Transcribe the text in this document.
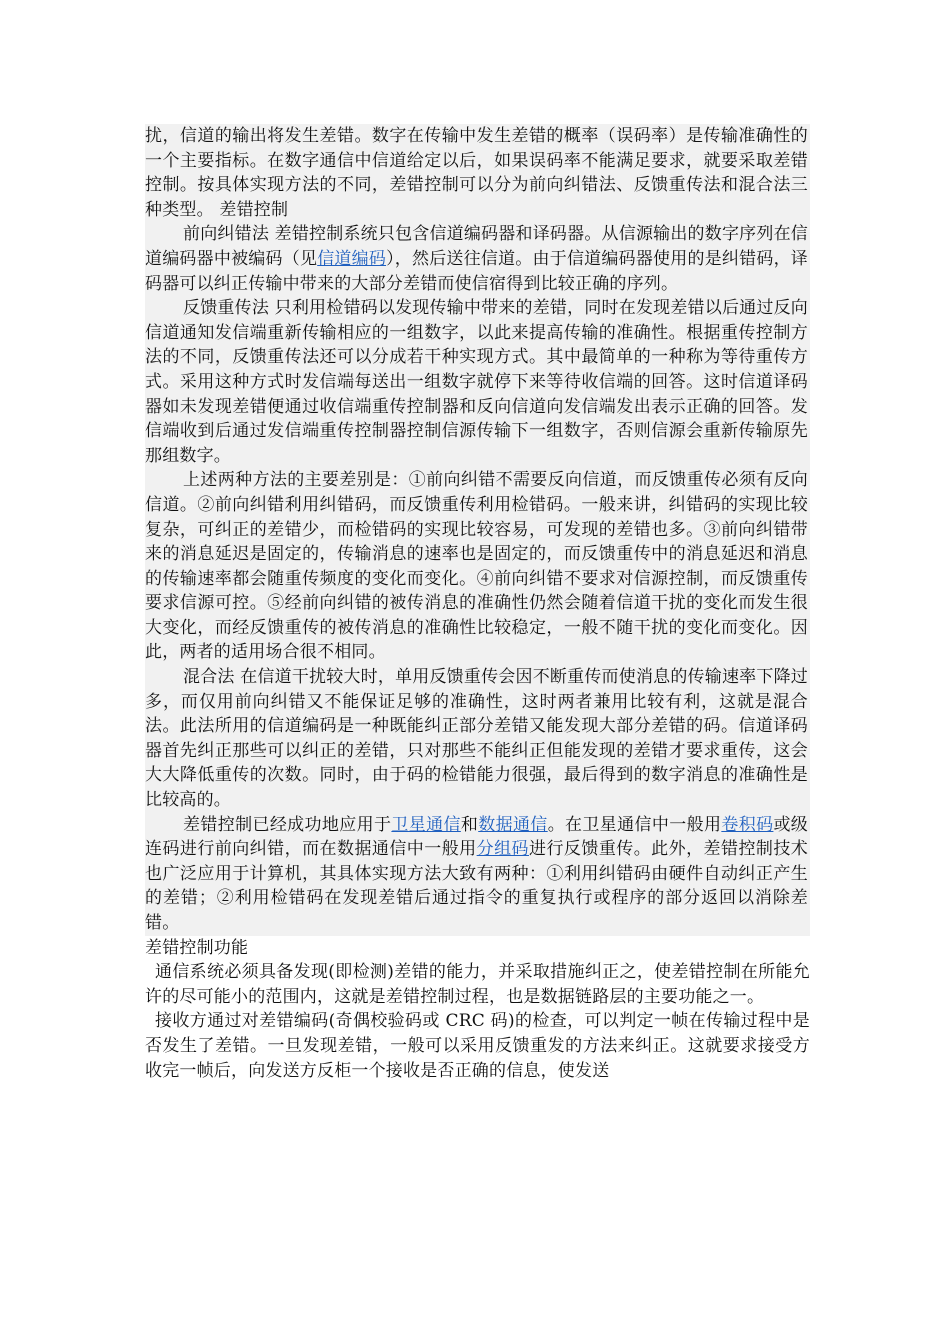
扰，信道的输出将发生差错。数字在传输中发生差错的概率（误码率）是传输准确性的一个主要指标。在数字通信中信道给定以后，如果误码率不能满足要求，就要采取差错控制。按具体实现方法的不同，差错控制可以分为前向纠错法、反馈重传法和混合法三种类型。 差错控制

前向纠错法 差错控制系统只包含信道编码器和译码器。从信源输出的数字序列在信道编码器中被编码（见信道编码），然后送往信道。由于信道编码器使用的是纠错码，译码器可以纠正传输中带来的大部分差错而使信宿得到比较正确的序列。

反馈重传法 只利用检错码以发现传输中带来的差错，同时在发现差错以后通过反向信道通知发信端重新传输相应的一组数字，以此来提高传输的准确性。根据重传控制方法的不同，反馈重传法还可以分成若干种实现方式。其中最简单的一种称为等待重传方式。采用这种方式时发信端每送出一组数字就停下来等待收信端的回答。这时信道译码器如未发现差错便通过收信端重传控制器和反向信道向发信端发出表示正确的回答。发信端收到后通过发信端重传控制器控制信源传输下一组数字，否则信源会重新传输原先那组数字。

上述两种方法的主要差别是：①前向纠错不需要反向信道，而反馈重传必须有反向信道。②前向纠错利用纠错码，而反馈重传利用检错码。一般来讲，纠错码的实现比较复杂，可纠正的差错少，而检错码的实现比较容易，可发现的差错也多。③前向纠错带来的消息延迟是固定的，传输消息的速率也是固定的，而反馈重传中的消息延迟和消息的传输速率都会随重传频度的变化而变化。④前向纠错不要求对信源控制，而反馈重传要求信源可控。⑤经前向纠错的被传消息的准确性仍然会随着信道干扰的变化而发生很大变化，而经反馈重传的被传消息的准确性比较稳定，一般不随干扰的变化而变化。因此，两者的适用场合很不相同。

混合法 在信道干扰较大时，单用反馈重传会因不断重传而使消息的传输速率下降过多，而仅用前向纠错又不能保证足够的准确性，这时两者兼用比较有利，这就是混合法。此法所用的信道编码是一种既能纠正部分差错又能发现大部分差错的码。信道译码器首先纠正那些可以纠正的差错，只对那些不能纠正但能发现的差错才要求重传，这会大大降低重传的次数。同时，由于码的检错能力很强，最后得到的数字消息的准确性是比较高的。

差错控制已经成功地应用于卫星通信和数据通信。在卫星通信中一般用卷积码或级连码进行前向纠错，而在数据通信中一般用分组码进行反馈重传。此外，差错控制技术也广泛应用于计算机，其具体实现方法大致有两种：①利用纠错码由硬件自动纠正产生的差错；②利用检错码在发现差错后通过指令的重复执行或程序的部分返回以消除差错。

差错控制功能

通信系统必须具备发现(即检测)差错的能力，并采取措施纠正之，使差错控制在所能允许的尽可能小的范围内，这就是差错控制过程，也是数据链路层的主要功能之一。

接收方通过对差错编码(奇偶校验码或 CRC 码)的检查，可以判定一帧在传输过程中是否发生了差错。一旦发现差错，一般可以采用反馈重发的方法来纠正。这就要求接受方收完一帧后，向发送方反柜一个接收是否正确的信息，使发送
